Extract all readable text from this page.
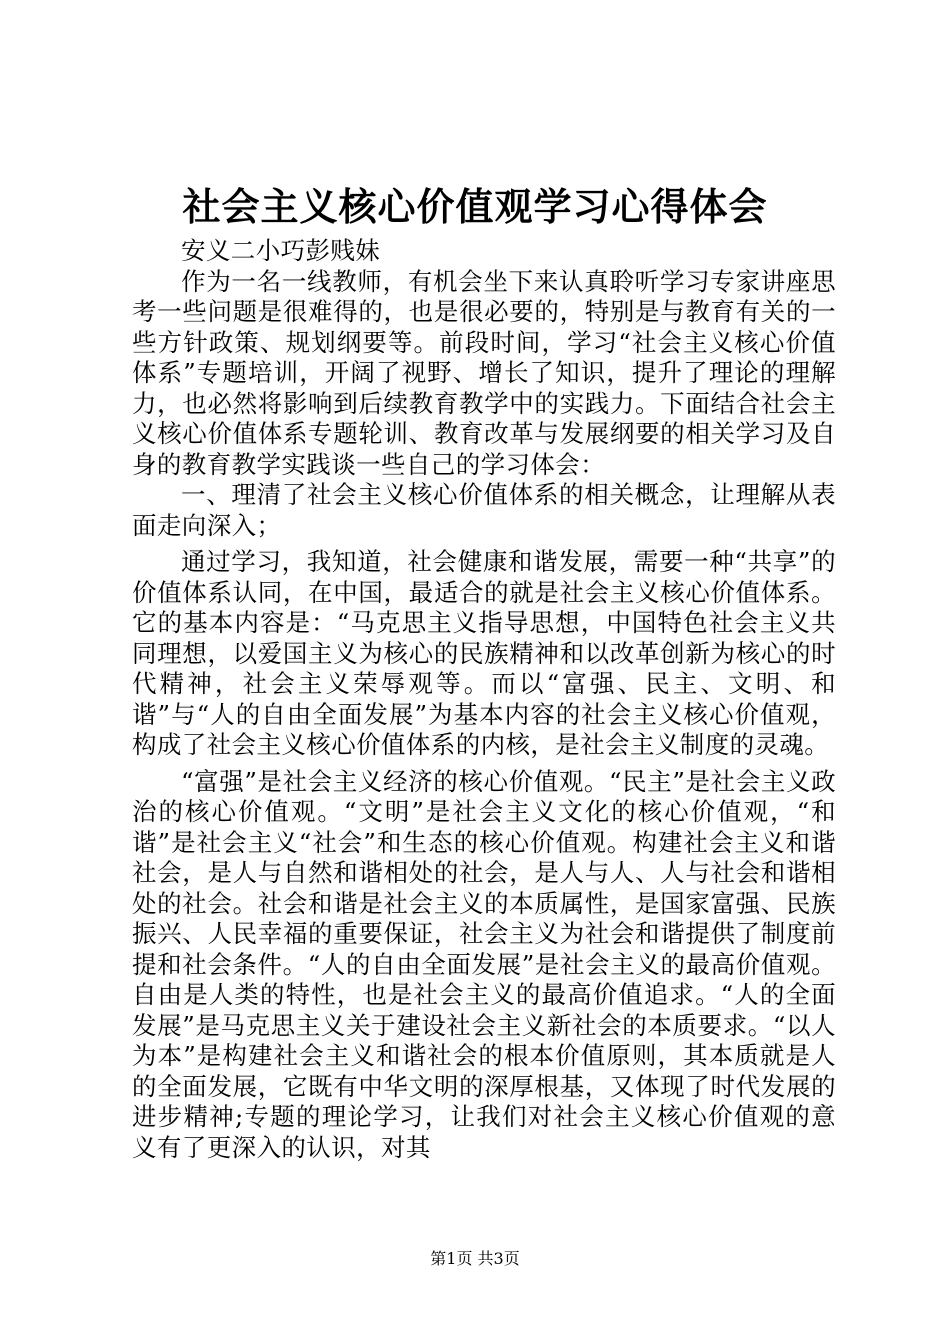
社会主义核心价值观学习心得体会

安义二小巧彭贱妹

作为一名一线教师，有机会坐下来认真聆听学习专家讲座思考一些问题是很难得的，也是很必要的，特别是与教育有关的一些方针政策、规划纲要等。前段时间，学习“社会主义核心价值体系”专题培训，开阔了视野、增长了知识，提升了理论的理解力，也必然将影响到后续教育教学中的实践力。下面结合社会主义核心价值体系专题轮训、教育改革与发展纲要的相关学习及自身的教育教学实践谈一些自己的学习体会：

一、理清了社会主义核心价值体系的相关概念，让理解从表面走向深入；

通过学习，我知道，社会健康和谐发展，需要一种“共享”的价值体系认同，在中国，最适合的就是社会主义核心价值体系。它的基本内容是：“马克思主义指导思想，中国特色社会主义共同理想，以爱国主义为核心的民族精神和以改革创新为核心的时代精神，社会主义荣辱观等。而以“富强、民主、文明、和谐”与“人的自由全面发展”为基本内容的社会主义核心价值观，构成了社会主义核心价值体系的内核，是社会主义制度的灵魂。

“富强”是社会主义经济的核心价值观。“民主”是社会主义政治的核心价值观。“文明”是社会主义文化的核心价值观，“和谐”是社会主义“社会”和生态的核心价值观。构建社会主义和谐社会，是人与自然和谐相处的社会，是人与人、人与社会和谐相处的社会。社会和谐是社会主义的本质属性，是国家富强、民族振兴、人民幸福的重要保证，社会主义为社会和谐提供了制度前提和社会条件。“人的自由全面发展”是社会主义的最高价值观。自由是人类的特性，也是社会主义的最高价值追求。“人的全面发展”是马克思主义关于建设社会主义新社会的本质要求。“以人为本”是构建社会主义和谐社会的根本价值原则，其本质就是人的全面发展，它既有中华文明的深厚根基，又体现了时代发展的进步精神;专题的理论学习，让我们对社会主义核心价值观的意义有了更深入的认识，对其

第1页 共3页
